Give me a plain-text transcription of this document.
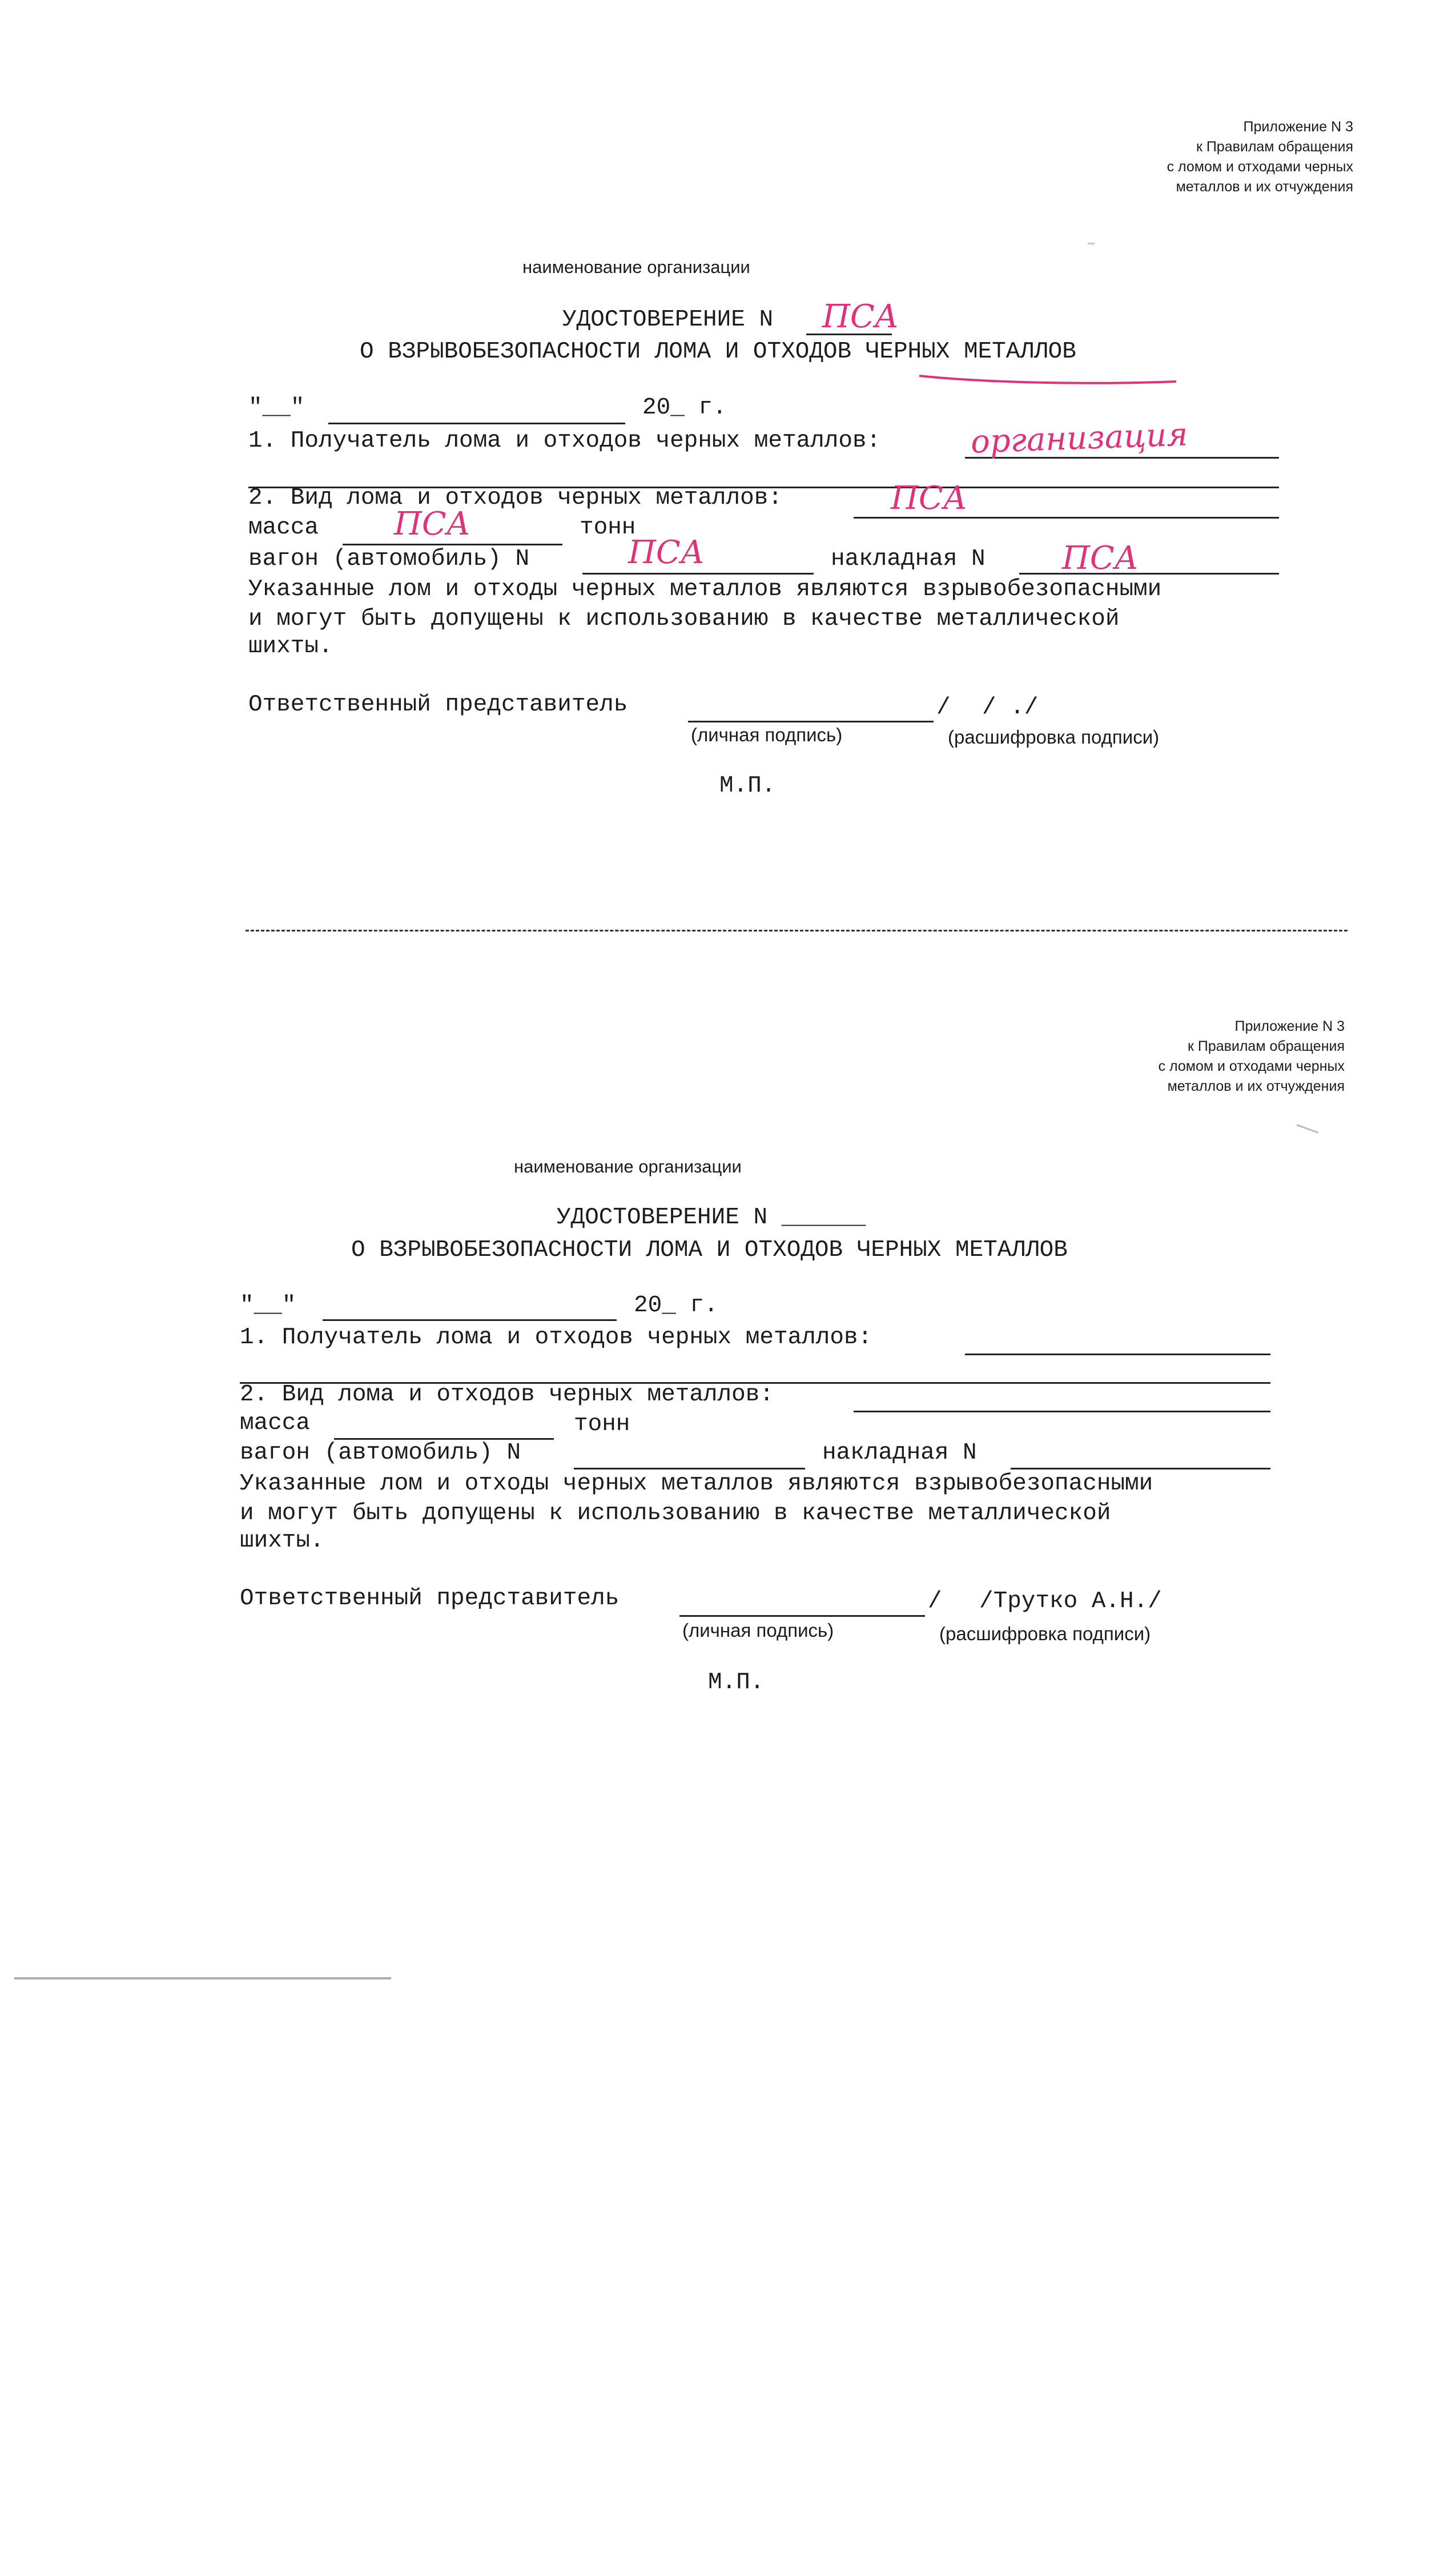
Приложение N 3
к Правилам обращения
с ломом и отходами черных
металлов и их отчуждения
наименование организации
УДОСТОВЕРЕНИЕ N ПСА
О ВЗРЫВОБЕЗОПАСНОСТИ ЛОМА И ОТХОДОВ ЧЕРНЫХ МЕТАЛЛОВ
"__"	20_ г.
1. Получатель лома и отходов черных металлов:	организация
2. Вид лома и отходов черных металлов:	ПСА
масса ПСА	тонн
вагон (автомобиль) N	ПСА	накладная N ПСА
Указанные лом и отходы черных металлов являются взрывобезопасными
и могут быть допущены к использованию в качестве металлической
шихты.
Ответственный представитель	/ / ./
(личная подпись)	(расшифровка подписи)
М.П.
Приложение N 3
к Правилам обращения
с ломом и отходами черных
металлов и их отчуждения
наименование организации
УДОСТОВЕРЕНИЕ N ______
О ВЗРЫВОБЕЗОПАСНОСТИ ЛОМА И ОТХОДОВ ЧЕРНЫХ МЕТАЛЛОВ
"__"	20_ г.
1. Получатель лома и отходов черных металлов:
2. Вид лома и отходов черных металлов:
масса	тонн
вагон (автомобиль) N	накладная N
Указанные лом и отходы черных металлов являются взрывобезопасными
и могут быть допущены к использованию в качестве металлической
шихты.
Ответственный представитель	/ /Трутко А.Н./
(личная подпись)	(расшифровка подписи)
М.П.
